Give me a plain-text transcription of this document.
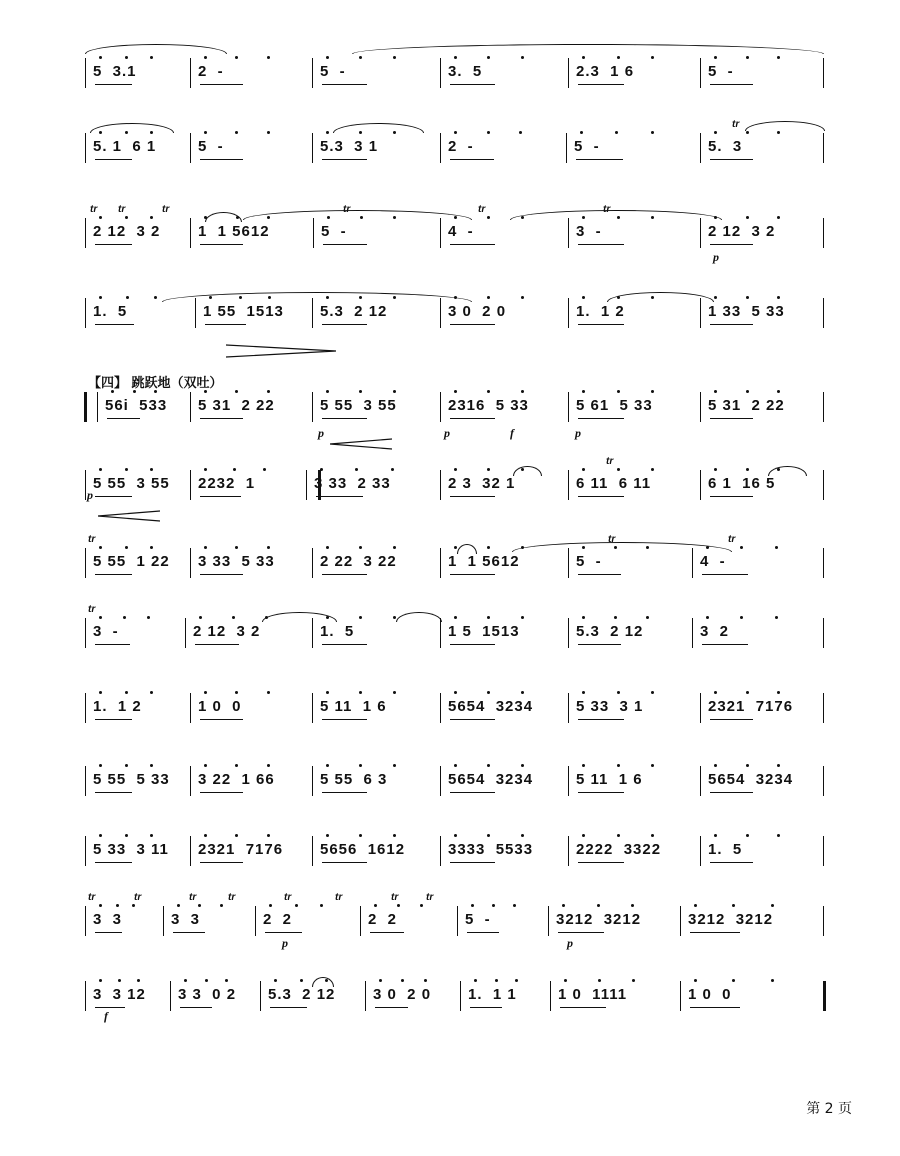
5  3.1	2  -	5  -	3.  5	2.3  1 6	5  -
5. 1  6 1	5  -	5.3  3 1	2  -	5  -	5.  3
tr
2 12  3 2	1  1 5612	5  -	4  -	3  -	2 12  3 2
tr tr	tr	tr	tr	tr
p
1.  5	1 55  1513	5.3  2 12	3 0  2 0	1.  1 2	1 33  5 33
56i  533	5 31  2 22	5 55  3 55	2316  5 33	5 61  5 33	5 31  2 22
p	p	f	p
5 55  3 55	2232  1	3 33  2 33	2 3  32 1	6 11  6 11	6 1  16 5
tr
p
5 55  1 22	3 33  5 33	2 22  3 22	1  1 5612	5  -	4  -
tr	tr	tr
3  -	2 12  3 2	1.  5	1 5  1513	5.3  2 12	3  2
tr
1.  1 2	1 0  0	5 11  1 6	5654  3234	5 33  3 1	2321  7176
5 55  5 33	3 22  1 66	5 55  6 3	5654  3234	5 11  1 6	5654  3234
5 33  3 11	2321  7176	5656  1612	3333  5533	2222  3322	1.  5
3  3	3  3	2  2	2  2	5  -	3212  3212	3212  3212
tr	tr	tr	tr	tr	tr	tr	tr
p	p
3  3 12	3 3  0 2	5.3  2 12	3 0  2 0	1.  1 1	1 0  1111	1 0  0
f
【四】 跳跃地（双吐）
第 2 页
